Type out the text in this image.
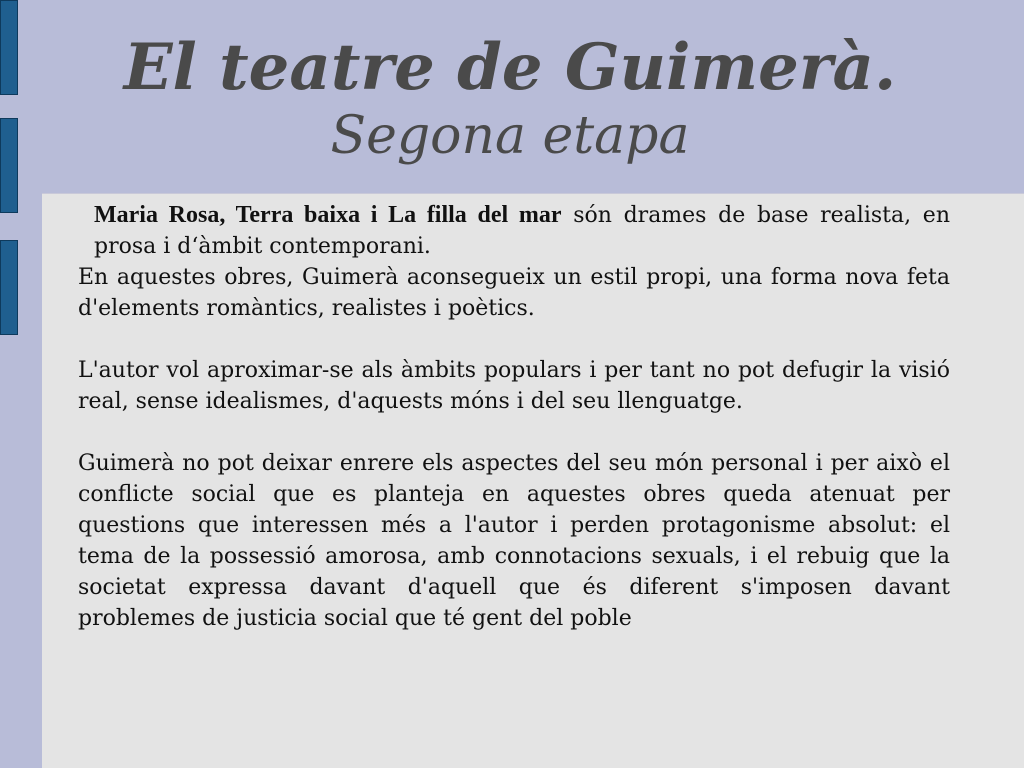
El teatre de Guimerà.
Segona etapa

Maria Rosa, Terra baixa i La filla del mar són drames de base realista, en prosa i d‘àmbit contemporani.

En aquestes obres, Guimerà aconsegueix un estil propi, una forma nova feta d'elements romàntics, realistes i poètics.

L'autor vol aproximar-se als àmbits populars i per tant no pot defugir la visió real, sense idealismes, d'aquests móns i del seu llenguatge.

Guimerà no pot deixar enrere els aspectes del seu món personal i per això el conflicte social que es planteja en aquestes obres queda atenuat per questions que interessen més a l'autor i perden protagonisme absolut: el tema de la possessió amorosa, amb connotacions sexuals, i el rebuig que la societat expressa davant d'aquell que és diferent s'imposen davant problemes de justicia social que té gent del poble
